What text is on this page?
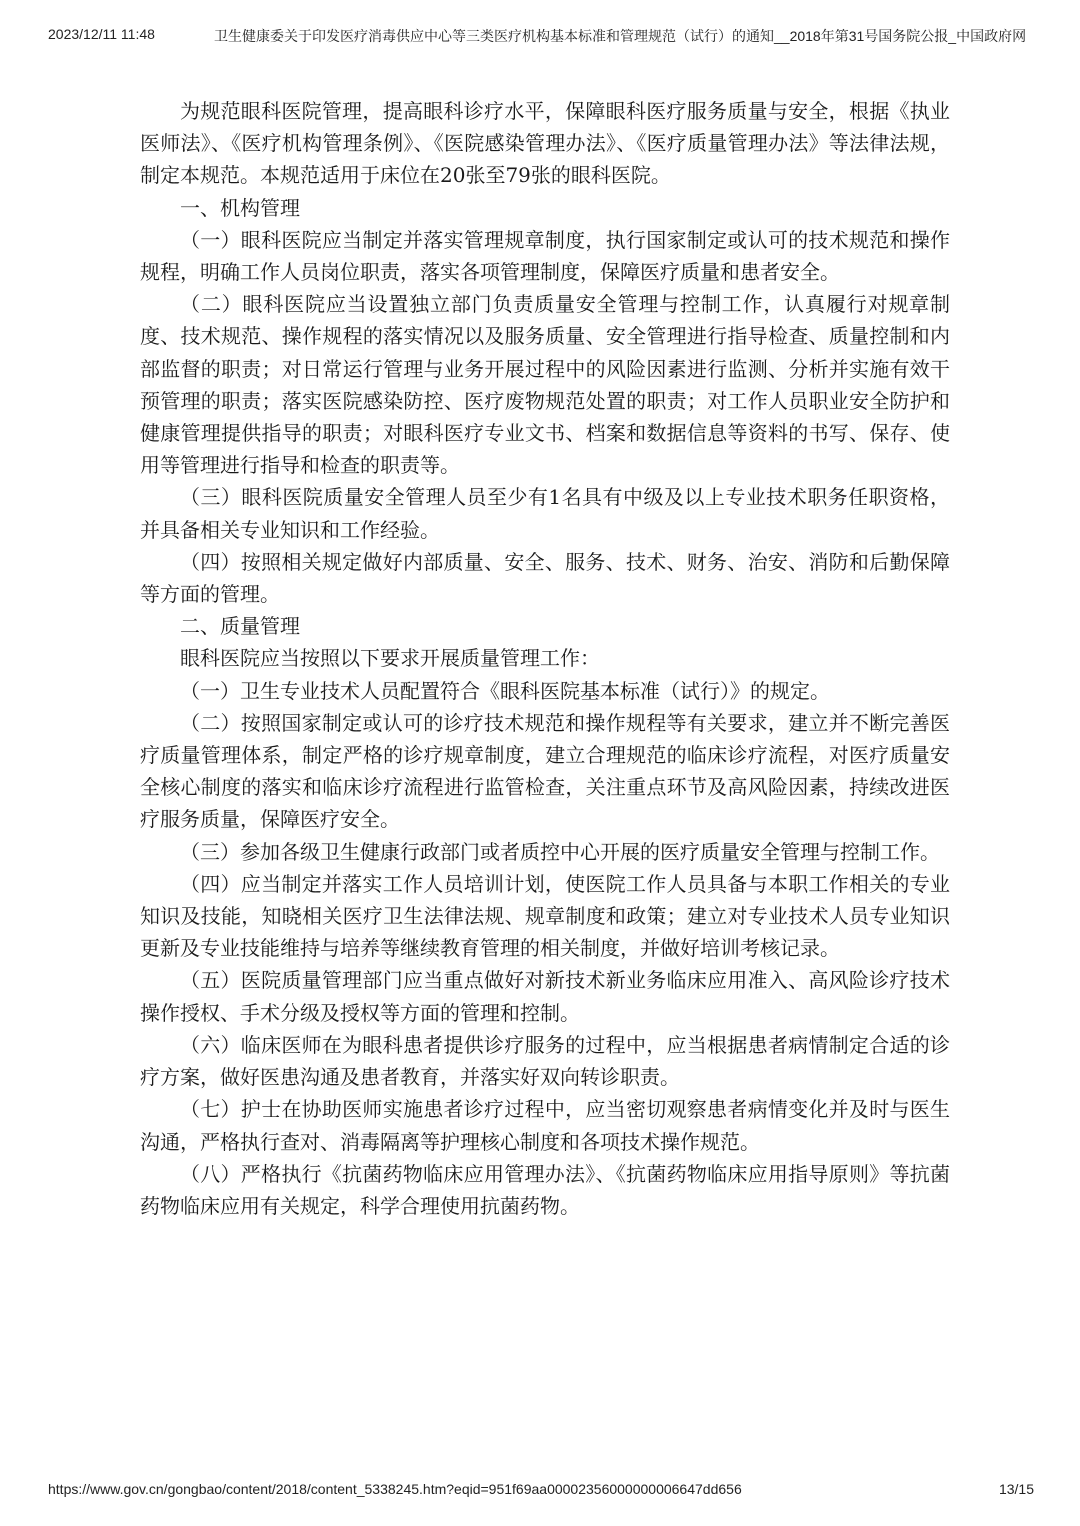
2023/12/11 11:48	卫生健康委关于印发医疗消毒供应中心等三类医疗机构基本标准和管理规范（试行）的通知__2018年第31号国务院公报_中国政府网

为规范眼科医院管理，提高眼科诊疗水平，保障眼科医疗服务质量与安全，根据《执业医师法》、《医疗机构管理条例》、《医院感染管理办法》、《医疗质量管理办法》等法律法规，制定本规范。本规范适用于床位在20张至79张的眼科医院。

一、机构管理

（一）眼科医院应当制定并落实管理规章制度，执行国家制定或认可的技术规范和操作规程，明确工作人员岗位职责，落实各项管理制度，保障医疗质量和患者安全。

（二）眼科医院应当设置独立部门负责质量安全管理与控制工作，认真履行对规章制度、技术规范、操作规程的落实情况以及服务质量、安全管理进行指导检查、质量控制和内部监督的职责；对日常运行管理与业务开展过程中的风险因素进行监测、分析并实施有效干预管理的职责；落实医院感染防控、医疗废物规范处置的职责；对工作人员职业安全防护和健康管理提供指导的职责；对眼科医疗专业文书、档案和数据信息等资料的书写、保存、使用等管理进行指导和检查的职责等。

（三）眼科医院质量安全管理人员至少有1名具有中级及以上专业技术职务任职资格，并具备相关专业知识和工作经验。

（四）按照相关规定做好内部质量、安全、服务、技术、财务、治安、消防和后勤保障等方面的管理。

二、质量管理

眼科医院应当按照以下要求开展质量管理工作：

（一）卫生专业技术人员配置符合《眼科医院基本标准（试行）》的规定。

（二）按照国家制定或认可的诊疗技术规范和操作规程等有关要求，建立并不断完善医疗质量管理体系，制定严格的诊疗规章制度，建立合理规范的临床诊疗流程，对医疗质量安全核心制度的落实和临床诊疗流程进行监管检查，关注重点环节及高风险因素，持续改进医疗服务质量，保障医疗安全。

（三）参加各级卫生健康行政部门或者质控中心开展的医疗质量安全管理与控制工作。

（四）应当制定并落实工作人员培训计划，使医院工作人员具备与本职工作相关的专业知识及技能，知晓相关医疗卫生法律法规、规章制度和政策；建立对专业技术人员专业知识更新及专业技能维持与培养等继续教育管理的相关制度，并做好培训考核记录。

（五）医院质量管理部门应当重点做好对新技术新业务临床应用准入、高风险诊疗技术操作授权、手术分级及授权等方面的管理和控制。

（六）临床医师在为眼科患者提供诊疗服务的过程中，应当根据患者病情制定合适的诊疗方案，做好医患沟通及患者教育，并落实好双向转诊职责。

（七）护士在协助医师实施患者诊疗过程中，应当密切观察患者病情变化并及时与医生沟通，严格执行查对、消毒隔离等护理核心制度和各项技术操作规范。

（八）严格执行《抗菌药物临床应用管理办法》、《抗菌药物临床应用指导原则》等抗菌药物临床应用有关规定，科学合理使用抗菌药物。

https://www.gov.cn/gongbao/content/2018/content_5338245.htm?eqid=951f69aa000023560000000066​47dd656	13/15
